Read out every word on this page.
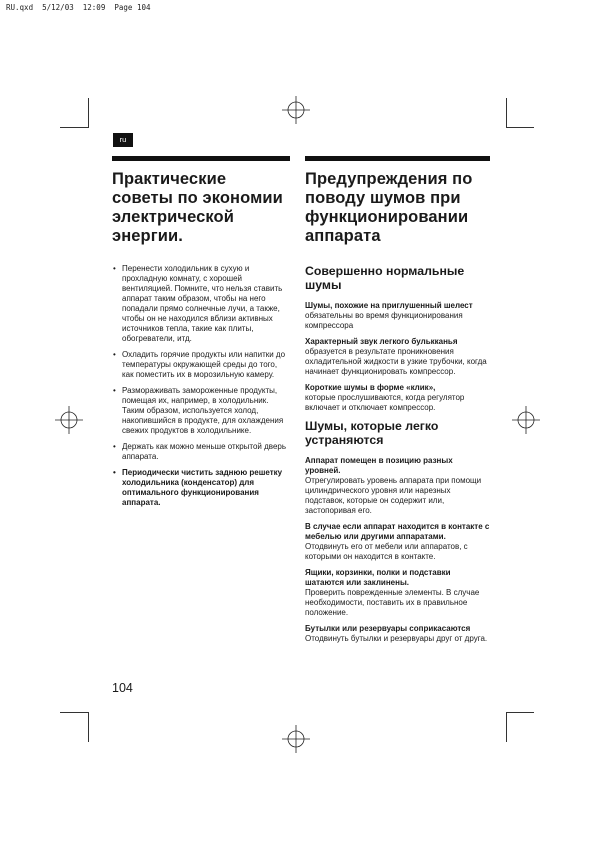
RU.qxd  5/12/03  12:09  Page 104
ru
Практические советы по экономии электрической энергии.
• Перенести холодильник в сухую и прохладную комнату, с хорошей вентиляцией. Помните, что нельзя ставить аппарат таким образом, чтобы на него попадали прямо солнечные лучи, а также, чтобы он не находился вблизи активных источников тепла, такие как плиты, обогреватели, итд.
• Охладить горячие продукты или напитки до температуры окружающей среды до того, как поместить их в морозильную камеру.
• Размораживать замороженные продукты, помещая их, например, в холодильник. Таким образом, используется холод, накопившийся в продукте, для охлаждения свежих продуктов в холодильнике.
• Держать как можно меньше открытой дверь аппарата.
• Периодически чистить заднюю решетку холодильника (конденсатор) для оптимального функционирования аппарата.
Предупреждения по поводу шумов при функционировании аппарата
Совершенно нормальные шумы
Шумы, похожие на приглушенный шелест
обязательны во время функционирования компрессора
Характерный звук легкого булькканья
образуется в результате проникновения охладительной жидкости в узкие трубочки, когда начинает функционировать компрессор.
Короткие шумы в форме «клик»,
которые прослушиваются, когда регулятор включает и отключает компрессор.
Шумы, которые легко устраняются
Аппарат помещен в позицию разных уровней.
Отрегулировать уровень аппарата при помощи цилиндрического уровня или нарезных подставок, которые он содержит или, застопоривая его.
В случае если аппарат находится в контакте с мебелью или другими аппаратами.
Отодвинуть его от мебели или аппаратов, с которыми он находится в контакте.
Ящики, корзинки, полки и подставки шатаются или заклинены.
Проверить поврежденные элементы. В случае необходимости, поставить их в правильное положение.
Бутылки или резервуары соприкасаются
Отодвинуть бутылки и резервуары друг от друга.
104
